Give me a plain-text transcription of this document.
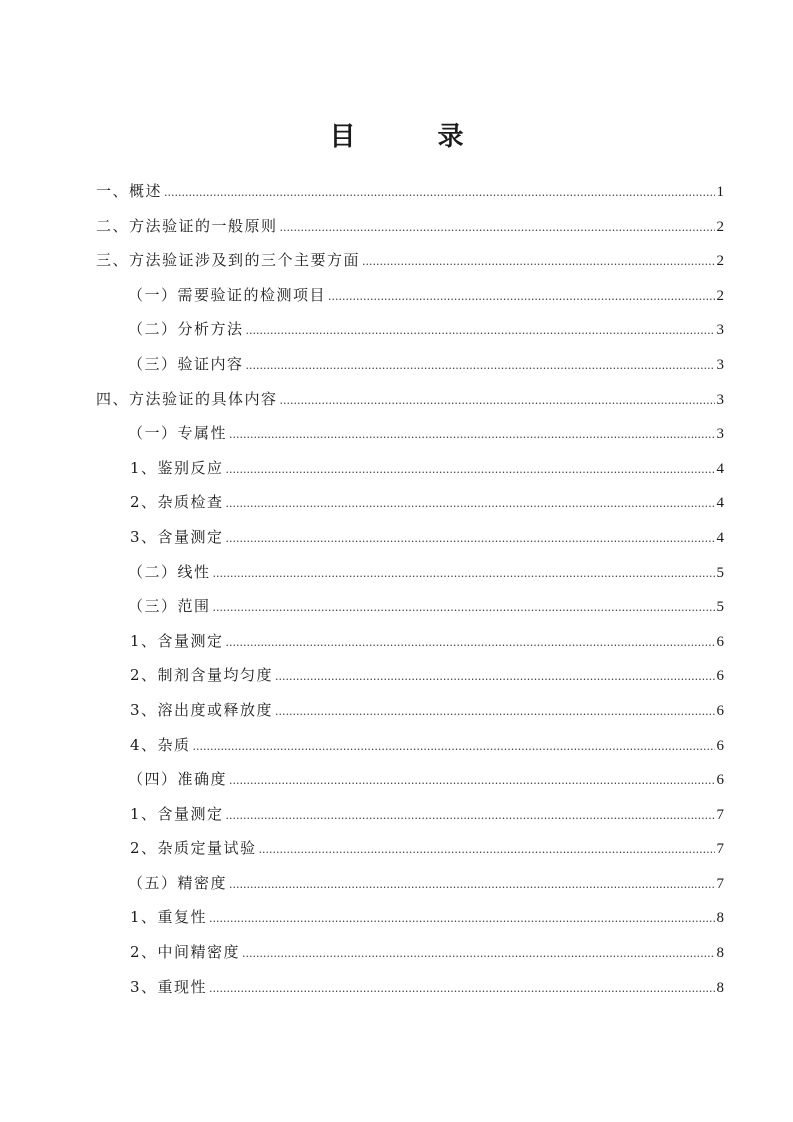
目	录
一、概述 .....	1
二、方法验证的一般原则 .....	2
三、方法验证涉及到的三个主要方面 .....	2
（一）需要验证的检测项目 .....	2
（二）分析方法 .....	3
（三）验证内容 .....	3
四、方法验证的具体内容 .....	3
（一）专属性 .....	3
1、鉴别反应 .....	4
2、杂质检查 .....	4
3、含量测定 .....	4
（二）线性 .....	5
（三）范围 .....	5
1、含量测定 .....	6
2、制剂含量均匀度 .....	6
3、溶出度或释放度 .....	6
4、杂质 .....	6
（四）准确度 .....	6
1、含量测定 .....	7
2、杂质定量试验 .....	7
（五）精密度 .....	7
1、重复性 .....	8
2、中间精密度 .....	8
3、重现性 .....	8
